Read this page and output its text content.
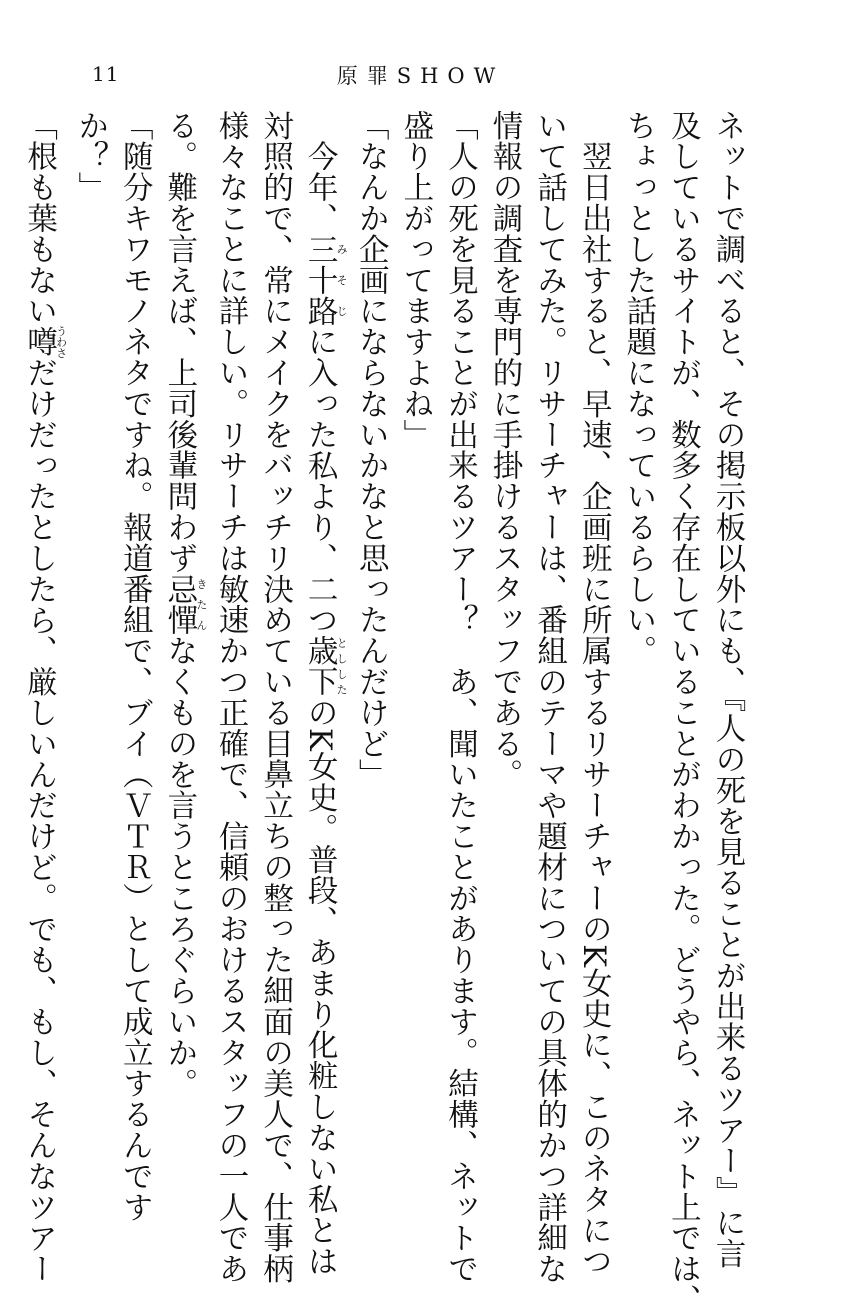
11	原罪SHOW
ネットで調べると、その掲示板以外にも、『人の死を見ることが出来るツアー』に言
及しているサイトが、数多く存在していることがわかった。どうやら、ネット上では、
ちょっとした話題になっているらしい。
　翌日出社すると、早速、企画班に所属するリサーチャーのK女史に、このネタにつ
いて話してみた。リサーチャーは、番組のテーマや題材についての具体的かつ詳細な
情報の調査を専門的に手掛けるスタッフである。
「人の死を見ることが出来るツアー？　あ、聞いたことがあります。結構、ネットで
盛り上がってますよね」
「なんか企画にならないかなと思ったんだけど」
　今年、三十路みそじに入った私より、二つ歳下とししたのK女史。普段、あまり化粧しない私とは
対照的で、常にメイクをバッチリ決めている目鼻立ちの整った細面の美人で、仕事柄
様々なことに詳しい。リサーチは敏速かつ正確で、信頼のおけるスタッフの一人であ
る。難を言えば、上司後輩問わず忌憚きたんなくものを言うところぐらいか。
「随分キワモノネタですね。報道番組で、ブイ（ＶＴＲ）として成立するんです
か？」
「根も葉もない噂うわさだけだったとしたら、厳しいんだけど。でも、もし、そんなツアー
